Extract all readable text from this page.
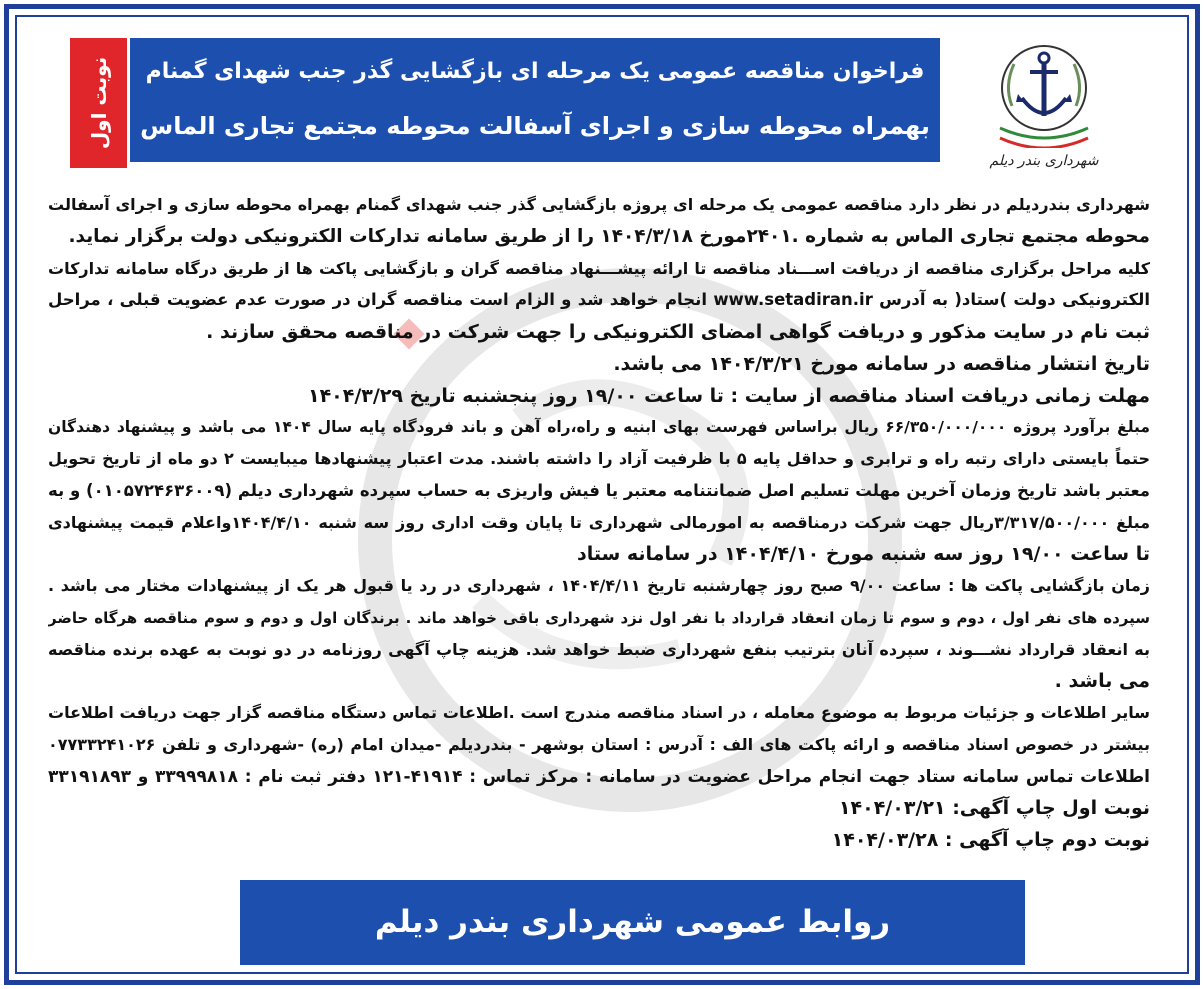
نوبت اول فراخوان مناقصه عمومی یک مرحله ای بازگشایی گذر جنب شهدای گمنام
بهمراه محوطه سازی و اجرای آسفالت محوطه مجتمع تجاری الماس
شهرداری بندر دیلم
شهرداری بندردیلم در نظر دارد مناقصه عمومی یک مرحله ای پروژه بازگشایی گذر جنب شهدای گمنام بهمراه محوطه سازی و اجرای آسفالت
محوطه مجتمع تجاری الماس به شماره .۲۴۰۱مورخ ۱۴۰۴/۳/۱۸ را از طریق سامانه تدارکات الکترونیکی دولت برگزار نماید.
کلیه مراحل برگزاری مناقصه از دریافت اســـناد مناقصه تا ارائه پیشـــنهاد مناقصه گران و بازگشایی پاکت ها از طریق درگاه سامانه تدارکات
الکترونیکی دولت )ستاد( به آدرس www.setadiran.ir انجام خواهد شد و الزام است مناقصه گران در صورت عدم عضویت قبلی ، مراحل
ثبت نام در سایت مذکور و دریافت گواهی امضای الکترونیکی را جهت شرکت در مناقصه محقق سازند .
تاریخ انتشار مناقصه در سامانه مورخ ۱۴۰۴/۳/۲۱ می باشد.
مهلت زمانی دریافت اسناد مناقصه از سایت : تا ساعت ۱۹/۰۰ روز پنجشنبه تاریخ ۱۴۰۴/۳/۲۹
مبلغ برآورد پروژه ۶۶/۳۵۰/۰۰۰/۰۰۰ ریال براساس فهرست بهای ابنیه و راه،راه آهن و باند فرودگاه پایه سال ۱۴۰۴ می باشد و پیشنهاد دهندگان
حتماً بایستی دارای رتبه راه و ترابری و حداقل پایه ۵ با ظرفیت آزاد را داشته باشند. مدت اعتبار پیشنهادها میبایست ۲ دو ماه از تاریخ تحویل
معتبر باشد تاریخ وزمان آخرین مهلت تسلیم اصل ضمانتنامه معتبر یا فیش واریزی به حساب سپرده شهرداری دیلم (۰۱۰۵۷۲۴۶۳۶۰۰۹) و به
مبلغ ۳/۳۱۷/۵۰۰/۰۰۰ریال جهت شرکت درمناقصه به امورمالی شهرداری تا پایان وقت اداری روز سه شنبه ۱۴۰۴/۴/۱۰واعلام قیمت پیشنهادی
تا ساعت ۱۹/۰۰ روز سه شنبه مورخ ۱۴۰۴/۴/۱۰ در سامانه ستاد
زمان بازگشایی پاکت ها : ساعت ۹/۰۰ صبح روز چهارشنبه تاریخ ۱۴۰۴/۴/۱۱ ، شهرداری در رد یا قبول هر یک از پیشنهادات مختار می باشد .
سپرده های نفر اول ، دوم و سوم تا زمان انعقاد قرارداد با نفر اول نزد شهرداری باقی خواهد ماند . برندگان اول و دوم و سوم مناقصه هرگاه حاضر
به انعقاد قرارداد نشـــوند ، سپرده آنان بترتیب بنفع شهرداری ضبط خواهد شد. هزینه چاپ آگهی روزنامه در دو نوبت به عهده برنده مناقصه
می باشد .
سایر اطلاعات و جزئیات مربوط به موضوع معامله ، در اسناد مناقصه مندرج است .اطلاعات تماس دستگاه مناقصه گزار جهت دریافت اطلاعات
بیشتر در خصوص اسناد مناقصه و ارائه پاکت های الف : آدرس : استان بوشهر - بندردیلم -میدان امام (ره) -شهرداری و تلفن ۰۷۷۳۳۲۴۱۰۲۶
اطلاعات تماس سامانه ستاد جهت انجام مراحل عضویت در سامانه : مرکز تماس : ۴۱۹۱۴-۱۲۱ دفتر ثبت نام : ۳۳۹۹۹۸۱۸ و ۳۳۱۹۱۸۹۳
نوبت اول چاپ آگهی: ۱۴۰۴/۰۳/۲۱
نوبت دوم چاپ آگهی : ۱۴۰۴/۰۳/۲۸
روابط عمومی شهرداری بندر دیلم
